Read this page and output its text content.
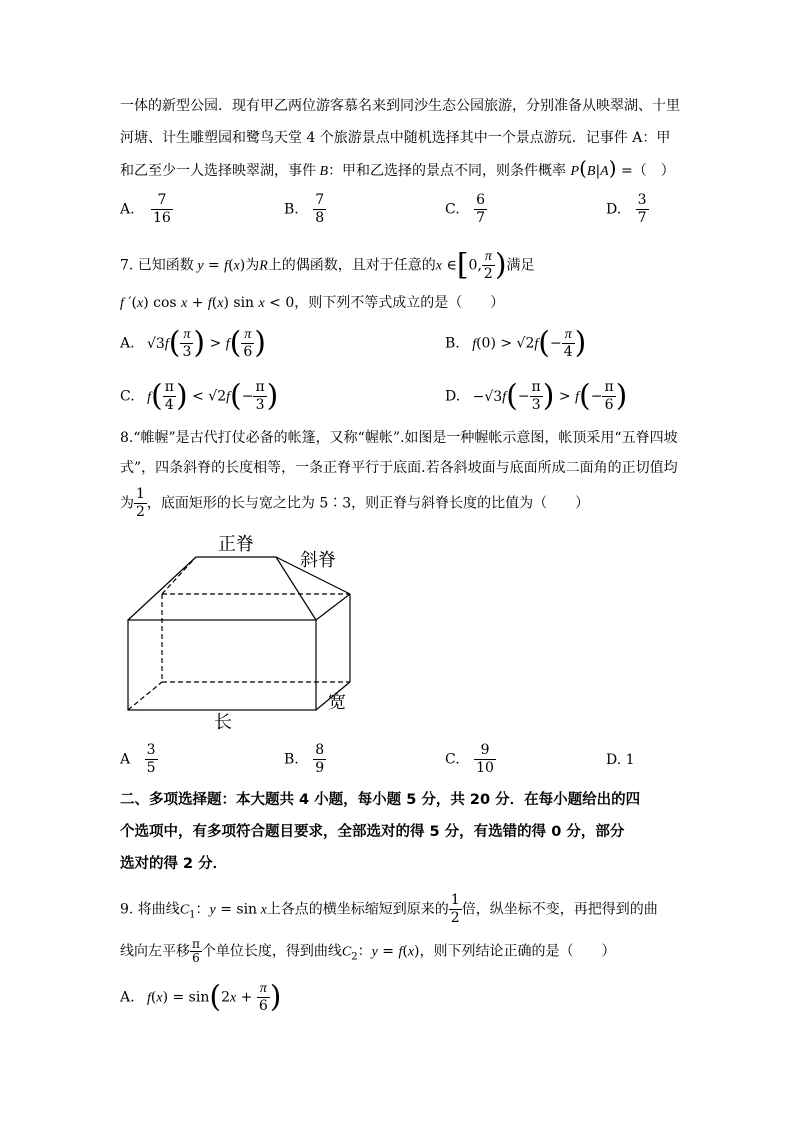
一体的新型公园．现有甲乙两位游客慕名来到同沙生态公园旅游，分别准备从映翠湖、十里
河塘、计生雕塑园和鹭鸟天堂 4 个旅游景点中随机选择其中一个景点游玩．记事件 A：甲
和乙至少一人选择映翠湖，事件 B：甲和乙选择的景点不同，则条件概率 P(B|A) =（　）
A. $\frac{7}{16}$	B. $\frac{7}{8}$	C. $\frac{6}{7}$	D. $\frac{3}{7}$
7. 已知函数 y = f(x)为R上的偶函数，且对于任意的x ∈[0, $\frac{\pi}{2}$ )满足
f ′(x) cos x + f(x) sin x < 0，则下列不等式成立的是（　　）
A. $√3f( \frac{\pi}{3}$ ) > $f( \frac{\pi}{6}$ )	B. $f(0) > √2f(- \frac{\pi}{4}$ )
C. $f( \frac{\pi}{4}$ ) < $√2f(- \frac{\pi}{3}$ )	D. $-√3f(- \frac{\pi}{3}$ ) > $f(- \frac{\pi}{6}$ )
8.“帷幄”是古代打仗必备的帐篷，又称“幄帐”.如图是一种幄帐示意图，帐顶采用“五脊四坡
式”，四条斜脊的长度相等，一条正脊平行于底面.若各斜坡面与底面所成二面角的正切值均
为 $\frac{1}{2}$ ，底面矩形的长与宽之比为 5∶3，则正脊与斜脊长度的比值为（　　）
正脊
斜脊
宽
长
A $\frac{3}{5}$	B. $\frac{8}{9}$	C. $\frac{9}{10}$	D. 1
二、多项选择题：本大题共 4 小题，每小题 5 分，共 20 分．在每小题给出的四
个选项中，有多项符合题目要求，全部选对的得 5 分，有选错的得 0 分，部分
选对的得 2 分．
9. 将曲线$C_1$：y = sin x上各点的横坐标缩短到原来的 $\frac{1}{2}$ 倍，纵坐标不变，再把得到的曲
线向左平移 $\frac{\pi}{6}$ 个单位长度，得到曲线$C_2$：y = f(x)，则下列结论正确的是（　　）
A. $f(x) = \sin(2x + \frac{\pi}{6}$ )
